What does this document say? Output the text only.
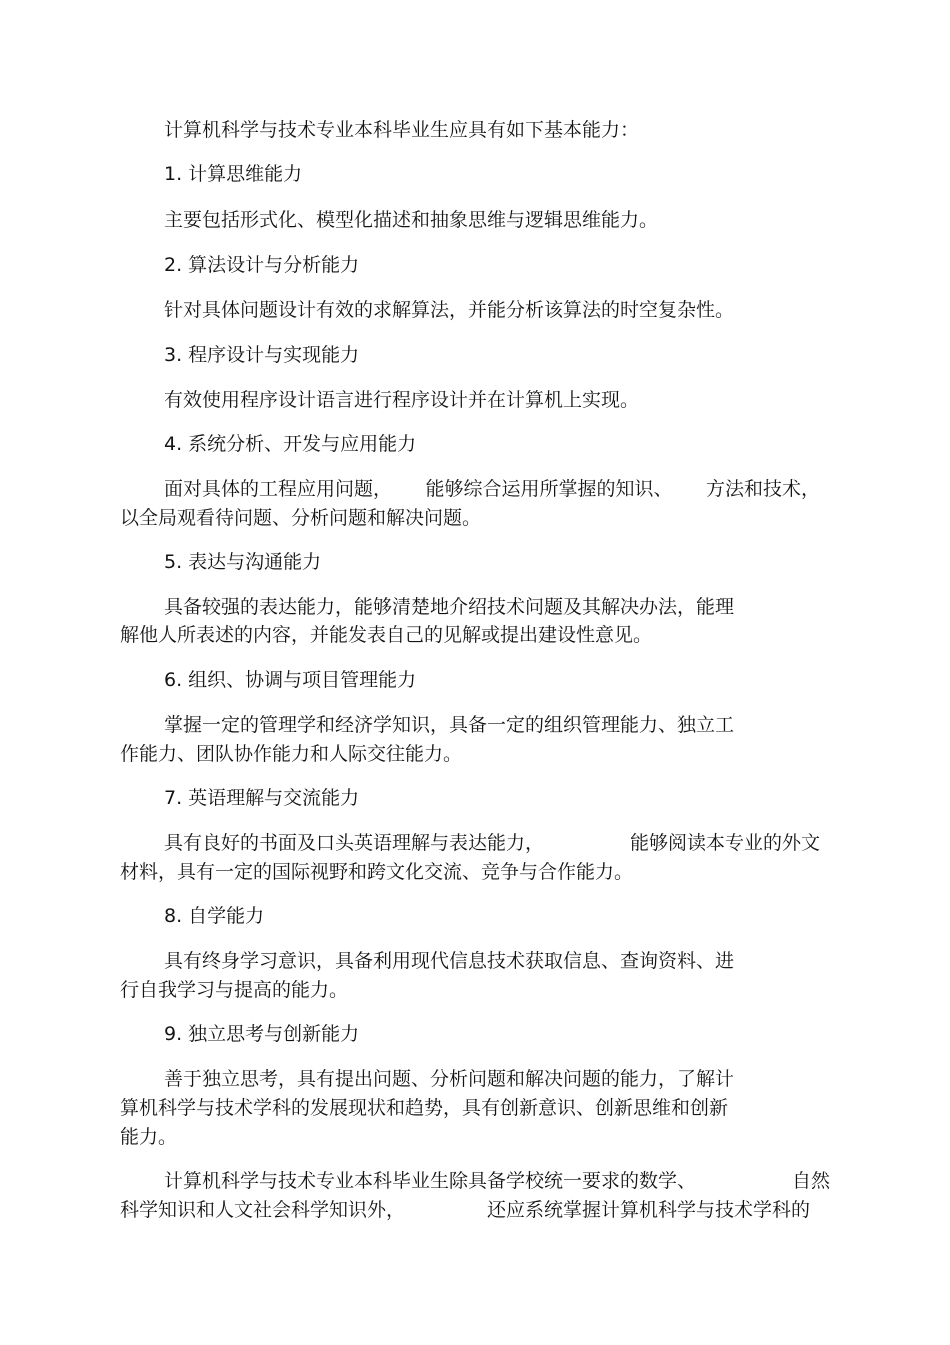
计算机科学与技术专业本科毕业生应具有如下基本能力：
1. 计算思维能力
主要包括形式化、模型化描述和抽象思维与逻辑思维能力。
2. 算法设计与分析能力
针对具体问题设计有效的求解算法，并能分析该算法的时空复杂性。
3. 程序设计与实现能力
有效使用程序设计语言进行程序设计并在计算机上实现。
4. 系统分析、开发与应用能力
面对具体的工程应用问题， 能够综合运用所掌握的知识、 方法和技术，
以全局观看待问题、分析问题和解决问题。
5. 表达与沟通能力
具备较强的表达能力，能够清楚地介绍技术问题及其解决办法，能理
解他人所表述的内容，并能发表自己的见解或提出建设性意见。
6. 组织、协调与项目管理能力
掌握一定的管理学和经济学知识，具备一定的组织管理能力、独立工
作能力、团队协作能力和人际交往能力。
7. 英语理解与交流能力
具有良好的书面及口头英语理解与表达能力，	能够阅读本专业的外文
材料，具有一定的国际视野和跨文化交流、竞争与合作能力。
8. 自学能力
具有终身学习意识，具备利用现代信息技术获取信息、查询资料、进
行自我学习与提高的能力。
9. 独立思考与创新能力
善于独立思考，具有提出问题、分析问题和解决问题的能力，了解计
算机科学与技术学科的发展现状和趋势，具有创新意识、创新思维和创新
能力。
计算机科学与技术专业本科毕业生除具备学校统一要求的数学、	自然
科学知识和人文社会科学知识外，	还应系统掌握计算机科学与技术学科的
